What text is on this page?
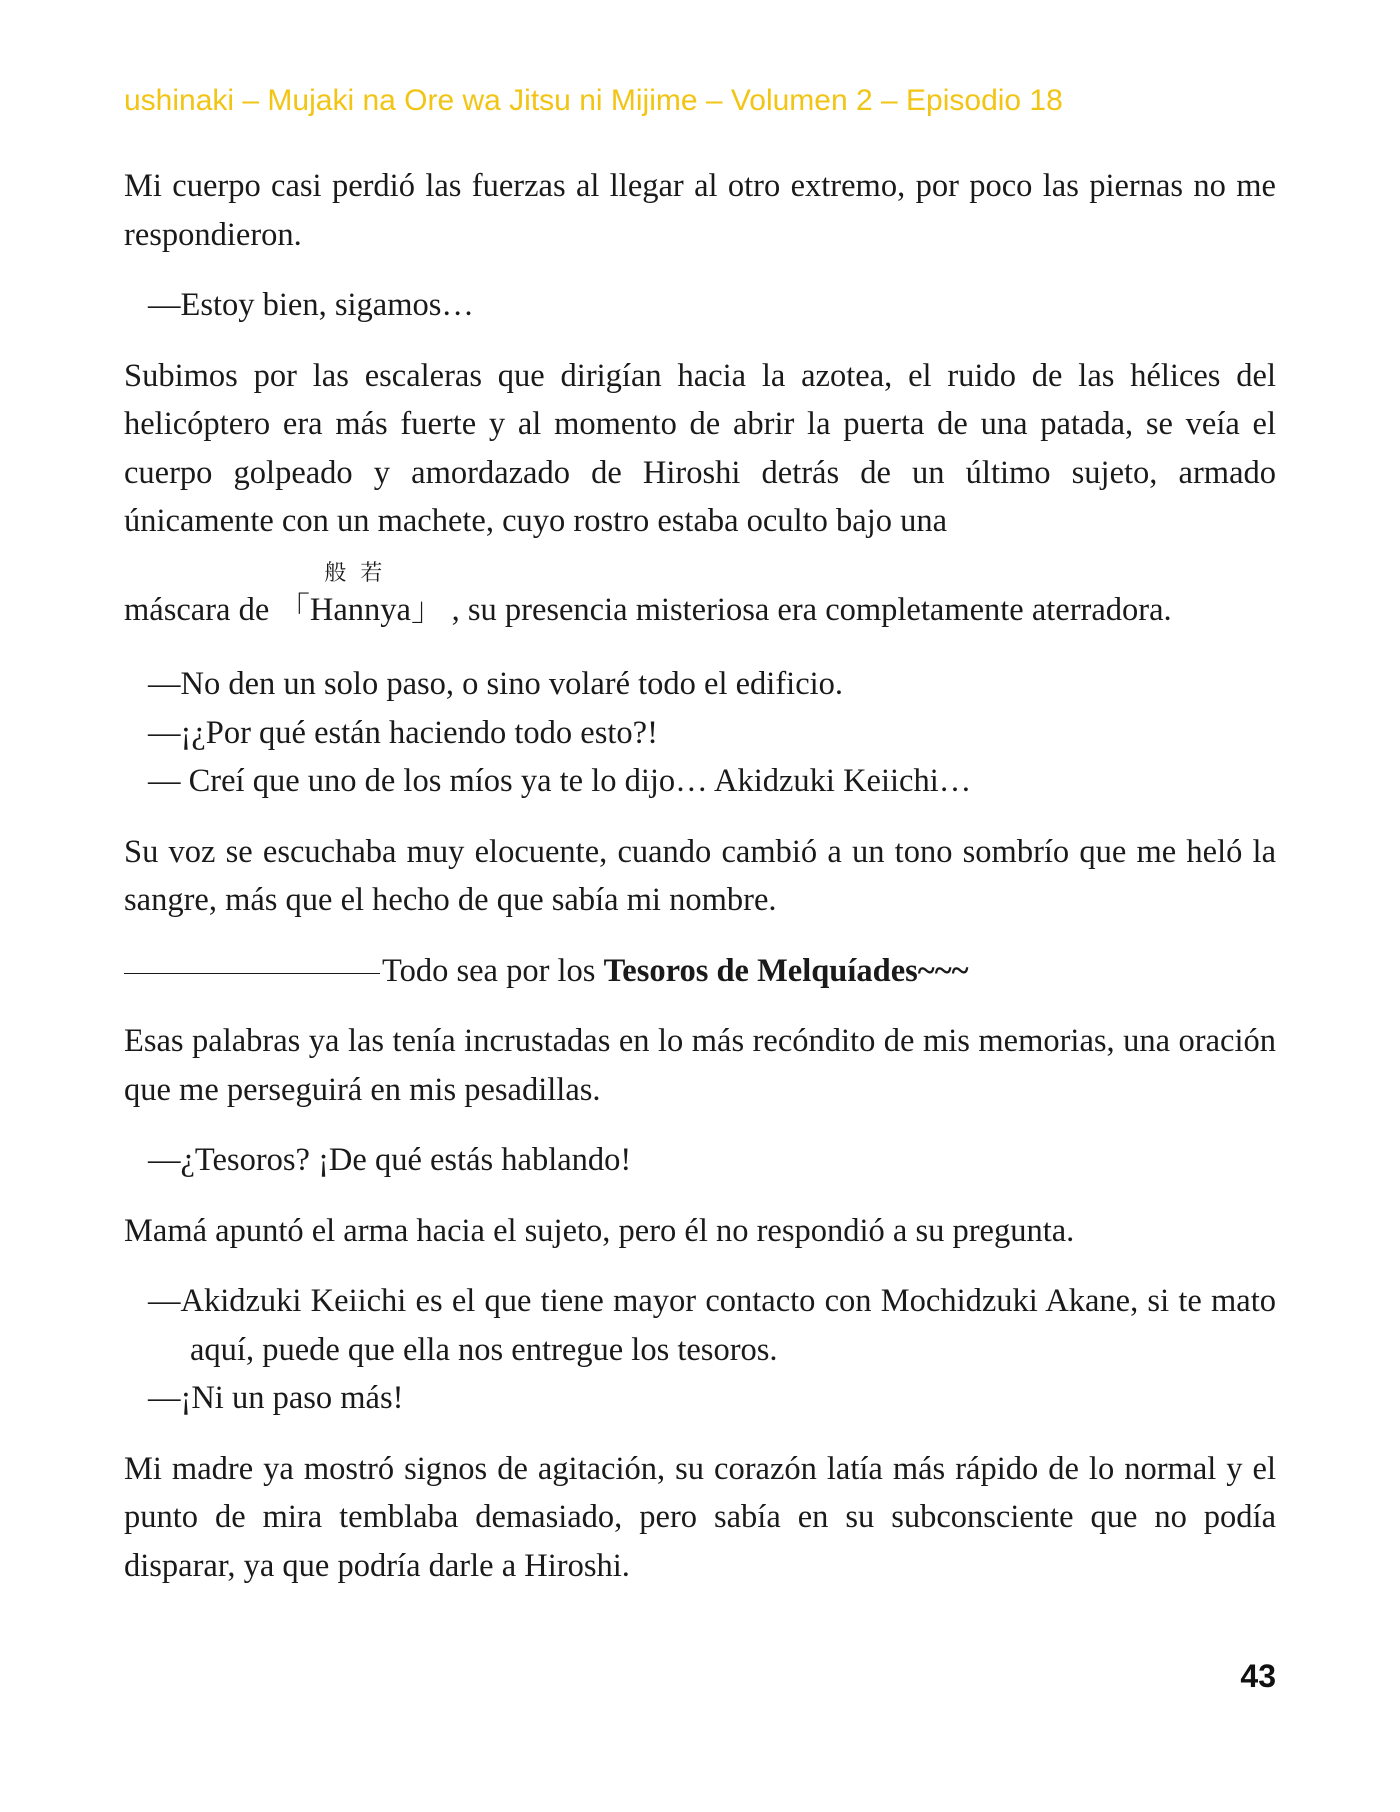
ushinaki – Mujaki na Ore wa Jitsu ni Mijime – Volumen 2 – Episodio 18

Mi cuerpo casi perdió las fuerzas al llegar al otro extremo, por poco las piernas no me respondieron.

—Estoy bien, sigamos…

Subimos por las escaleras que dirigían hacia la azotea, el ruido de las hélices del helicóptero era más fuerte y al momento de abrir la puerta de una patada, se veía el cuerpo golpeado y amordazado de Hiroshi detrás de un último sujeto, armado únicamente con un machete, cuyo rostro estaba oculto bajo una

máscara de
般若
「Hannya」 , su presencia misteriosa era completamente aterradora.

—No den un solo paso, o sino volaré todo el edificio.

—¡¿Por qué están haciendo todo esto?!

— Creí que uno de los míos ya te lo dijo… Akidzuki Keiichi…

Su voz se escuchaba muy elocuente, cuando cambió a un tono sombrío que me heló la sangre, más que el hecho de que sabía mi nombre.

Todo sea por los Tesoros de Melquíades~~~

Esas palabras ya las tenía incrustadas en lo más recóndito de mis memorias, una oración que me perseguirá en mis pesadillas.

—¿Tesoros? ¡De qué estás hablando!

Mamá apuntó el arma hacia el sujeto, pero él no respondió a su pregunta.

—Akidzuki Keiichi es el que tiene mayor contacto con Mochidzuki Akane, si te mato aquí, puede que ella nos entregue los tesoros.

—¡Ni un paso más!

Mi madre ya mostró signos de agitación, su corazón latía más rápido de lo normal y el punto de mira temblaba demasiado, pero sabía en su subconsciente que no podía disparar, ya que podría darle a Hiroshi.

43
